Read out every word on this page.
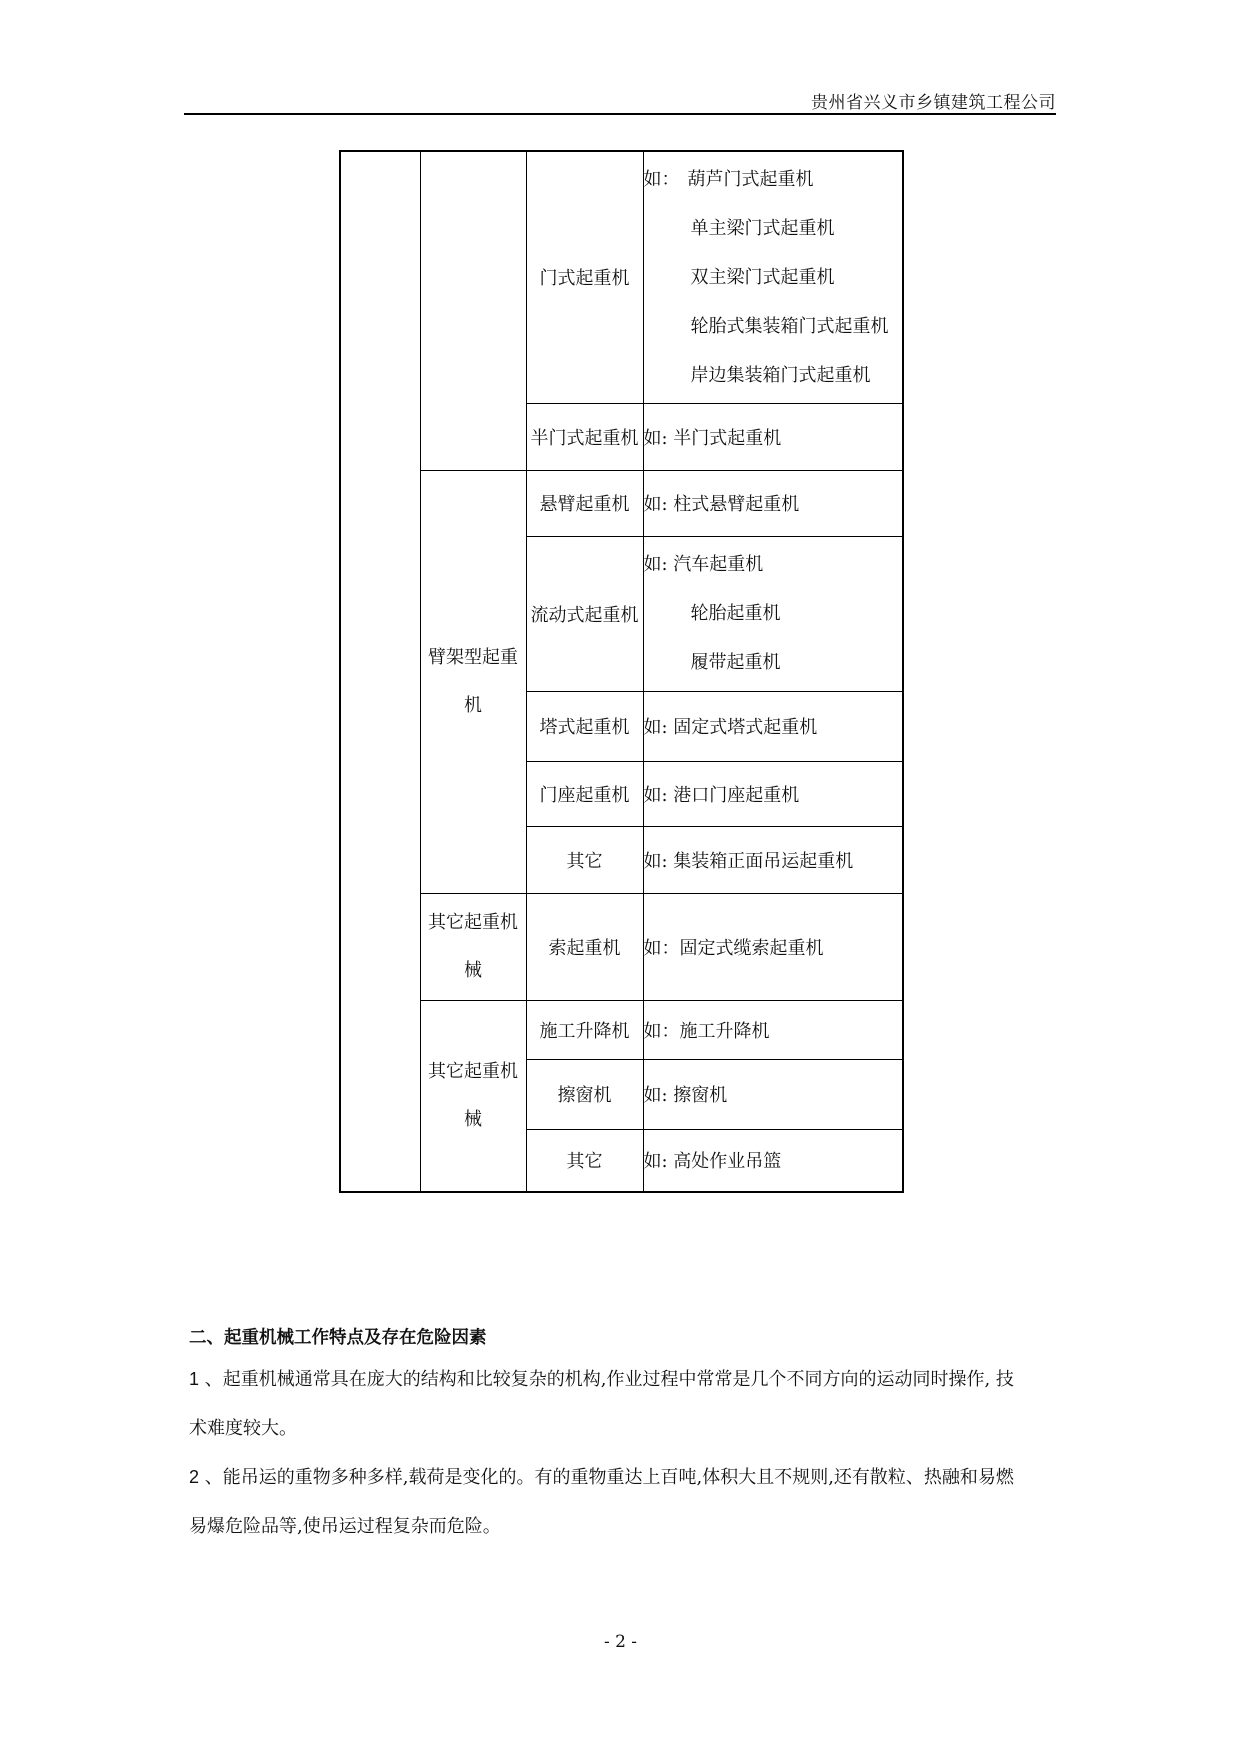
贵州省兴义市乡镇建筑工程公司
		门式起重机	如： 葫芦门式起重机
单主梁门式起重机
双主梁门式起重机
轮胎式集装箱门式起重机
岸边集装箱门式起重机

		半门式起重机	如: 半门式起重机
	臂架型起重机	悬臂起重机	如: 柱式悬臂起重机
		流动式起重机	如: 汽车起重机
轮胎起重机
履带起重机

		塔式起重机	如: 固定式塔式起重机
		门座起重机	如: 港口门座起重机
		其它	如: 集装箱正面吊运起重机
	其它起重机械	索起重机	如：固定式缆索起重机
	其它起重机械	施工升降机	如：施工升降机
		擦窗机	如: 擦窗机
		其它	如: 高处作业吊篮
二、起重机械工作特点及存在危险因素
1 、起重机械通常具在庞大的结构和比较复杂的机构,作业过程中常常是几个不同方向的运动同时操作, 技
术难度较大。
2 、能吊运的重物多种多样,载荷是变化的。有的重物重达上百吨,体积大且不规则,还有散粒、热融和易燃
易爆危险品等,使吊运过程复杂而危险。
- 2 -
